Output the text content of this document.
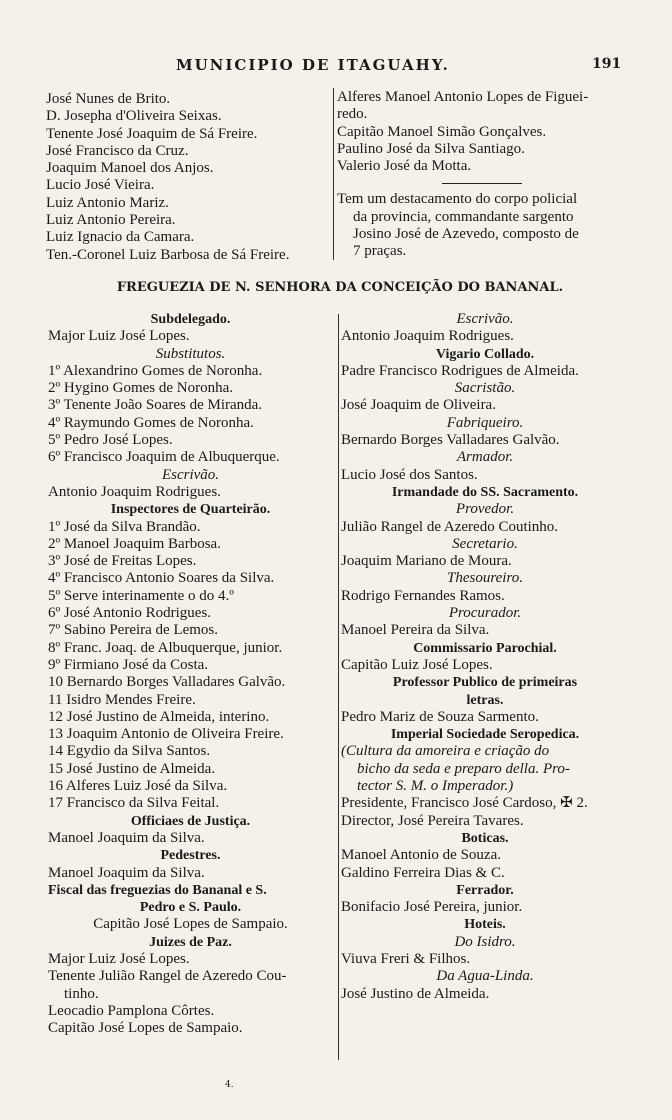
MUNICIPIO DE ITAGUAHY.	191
José Nunes de Brito.
D. Josepha d'Oliveira Seixas.
Tenente José Joaquim de Sá Freire.
José Francisco da Cruz.
Joaquim Manoel dos Anjos.
Lucio José Vieira.
Luiz Antonio Mariz.
Luiz Antonio Pereira.
Luiz Ignacio da Camara.
Ten.-Coronel Luiz Barbosa de Sá Freire.
Alferes Manoel Antonio Lopes de Figuei-
redo.
Capitão Manoel Simão Gonçalves.
Paulino José da Silva Santiago.
Valerio José da Motta.
Tem um destacamento do corpo policial
da provincia, commandante sargento
Josino José de Azevedo, composto de
7 praças.
FREGUEZIA DE N. SENHORA DA CONCEIÇÃO DO BANANAL.
Subdelegado.
Major Luiz José Lopes.
Substitutos.
1º Alexandrino Gomes de Noronha.
2º Hygino Gomes de Noronha.
3º Tenente João Soares de Miranda.
4º Raymundo Gomes de Noronha.
5º Pedro José Lopes.
6º Francisco Joaquim de Albuquerque.
Escrivão.
Antonio Joaquim Rodrigues.
Inspectores de Quarteirão.
1º José da Silva Brandão.
2º Manoel Joaquim Barbosa.
3º José de Freitas Lopes.
4º Francisco Antonio Soares da Silva.
5º Serve interinamente o do 4.º
6º José Antonio Rodrigues.
7º Sabino Pereira de Lemos.
8º Franc. Joaq. de Albuquerque, junior.
9º Firmiano José da Costa.
10 Bernardo Borges Valladares Galvão.
11 Isidro Mendes Freire.
12 José Justino de Almeida, interino.
13 Joaquim Antonio de Oliveira Freire.
14 Egydio da Silva Santos.
15 José Justino de Almeida.
16 Alferes Luiz José da Silva.
17 Francisco da Silva Feital.
Officiaes de Justiça.
Manoel Joaquim da Silva.
Pedestres.
Manoel Joaquim da Silva.
Fiscal das freguezias do Bananal e S.
Pedro e S. Paulo.
Capitão José Lopes de Sampaio.
Juizes de Paz.
Major Luiz José Lopes.
Tenente Julião Rangel de Azeredo Cou-
tinho.
Leocadio Pamplona Côrtes.
Capitão José Lopes de Sampaio.
Escrivão.
Antonio Joaquim Rodrigues.
Vigario Collado.
Padre Francisco Rodrigues de Almeida.
Sacristão.
José Joaquim de Oliveira.
Fabriqueiro.
Bernardo Borges Valladares Galvão.
Armador.
Lucio José dos Santos.
Irmandade do SS. Sacramento.
Provedor.
Julião Rangel de Azeredo Coutinho.
Secretario.
Joaquim Mariano de Moura.
Thesoureiro.
Rodrigo Fernandes Ramos.
Procurador.
Manoel Pereira da Silva.
Commissario Parochial.
Capitão Luiz José Lopes.
Professor Publico de primeiras
letras.
Pedro Mariz de Souza Sarmento.
Imperial Sociedade Seropedica.
(Cultura da amoreira e criação do
bicho da seda e preparo della. Pro-
tector S. M. o Imperador.)
Presidente, Francisco José Cardoso, ✠ 2.
Director, José Pereira Tavares.
Boticas.
Manoel Antonio de Souza.
Galdino Ferreira Dias & C.
Ferrador.
Bonifacio José Pereira, junior.
Hoteis.
Do Isidro.
Viuva Freri & Filhos.
Da Agua-Linda.
José Justino de Almeida.
4.
